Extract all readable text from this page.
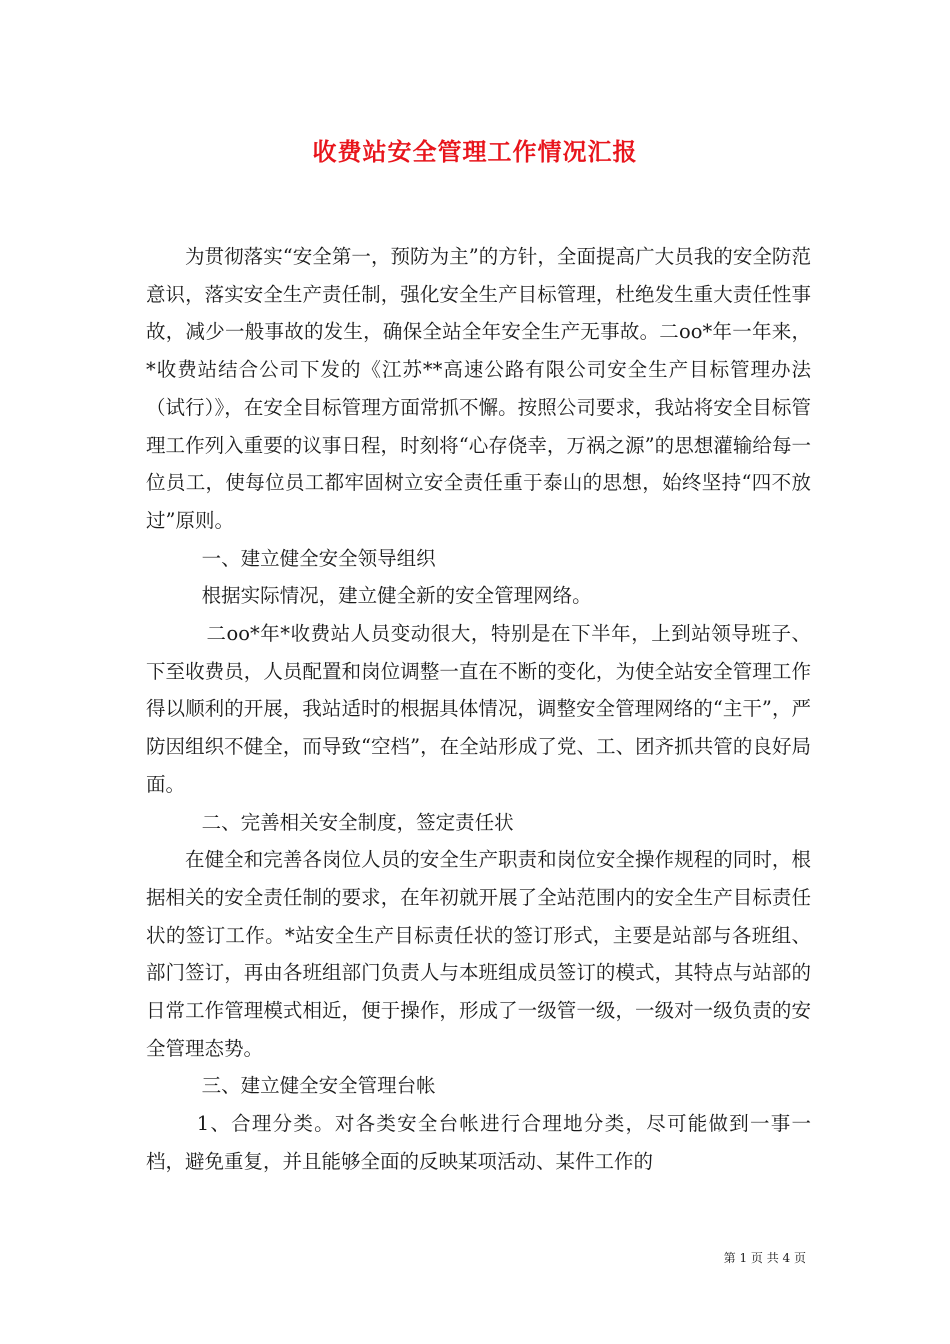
收费站安全管理工作情况汇报

为贯彻落实“安全第一，预防为主”的方针，全面提高广大员我的安全防范意识，落实安全生产责任制，强化安全生产目标管理，杜绝发生重大责任性事故，减少一般事故的发生，确保全站全年安全生产无事故。二oo*年一年来，*收费站结合公司下发的《江苏**高速公路有限公司安全生产目标管理办法（试行）》，在安全目标管理方面常抓不懈。按照公司要求，我站将安全目标管理工作列入重要的议事日程，时刻将“心存侥幸，万祸之源”的思想灌输给每一位员工，使每位员工都牢固树立安全责任重于泰山的思想，始终坚持“四不放过”原则。

一、建立健全安全领导组织

根据实际情况，建立健全新的安全管理网络。

二oo*年*收费站人员变动很大，特别是在下半年，上到站领导班子、下至收费员，人员配置和岗位调整一直在不断的变化，为使全站安全管理工作得以顺利的开展，我站适时的根据具体情况，调整安全管理网络的“主干”，严防因组织不健全，而导致“空档”，在全站形成了党、工、团齐抓共管的良好局面。

二、完善相关安全制度，签定责任状

在健全和完善各岗位人员的安全生产职责和岗位安全操作规程的同时，根据相关的安全责任制的要求，在年初就开展了全站范围内的安全生产目标责任状的签订工作。*站安全生产目标责任状的签订形式，主要是站部与各班组、部门签订，再由各班组部门负责人与本班组成员签订的模式，其特点与站部的日常工作管理模式相近，便于操作，形成了一级管一级，一级对一级负责的安全管理态势。

三、建立健全安全管理台帐

1、合理分类。对各类安全台帐进行合理地分类，尽可能做到一事一档，避免重复，并且能够全面的反映某项活动、某件工作的

第 1 页 共 4 页
